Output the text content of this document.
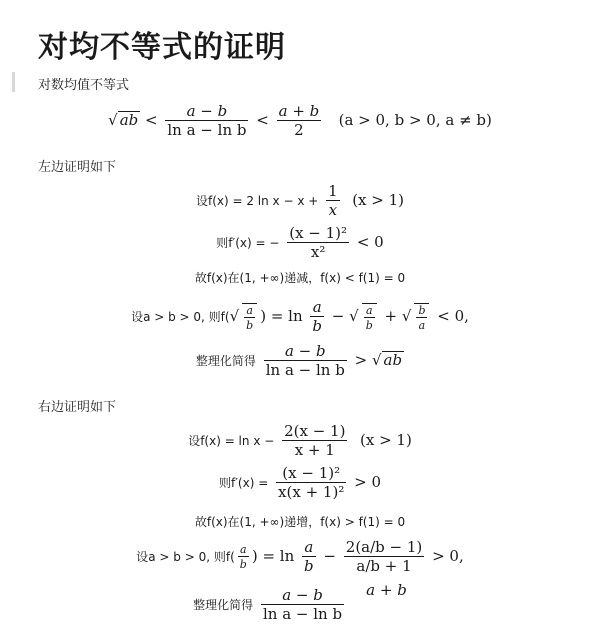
对均不等式的证明
对数均值不等式
√ ab < $\frac{a - b}{\text{ln a − ln b}} < \frac{a + b}{2} (a > 0$, b > 0, a ≠ b)
左边证明如下
设f(x) = 2 $\ln x - x + \frac{1}{x} (x > 1)$
则f′(x) = − $\frac{\text{(x − 1)²}}{\text{x²}} < 0$
故f(x)在(1, +∞)递减，f(x) < f(1) = 0
设a > b > 0, 则$f(√ \frac{a}{b}$ ) = $\ln \frac{a}{b}$ − √ $\frac{a}{b}$ + √ $\frac{b}{a} < 0$,
整理化简得 $\frac{a - b}{\text{ln a − ln b}}$ > √ ab
右边证明如下
设$f(x) = \ln x - \frac{2(x - 1)}{x + 1} (x > 1)$
则$f'(x) = \frac{\text{(x − 1)²}}{\text{x(x + 1)²}} > 0$
故f(x)在(1, +∞)递增，f(x) > f(1) = 0
设a > b > 0, 则$f( \frac{a}{b}$ ) = $\ln \frac{a}{b} - \frac{2(a/b - 1)}{a/b + 1} > 0$,
整理化简得 $\frac{a - b}{\text{ln a − ln b}}$ a + b
